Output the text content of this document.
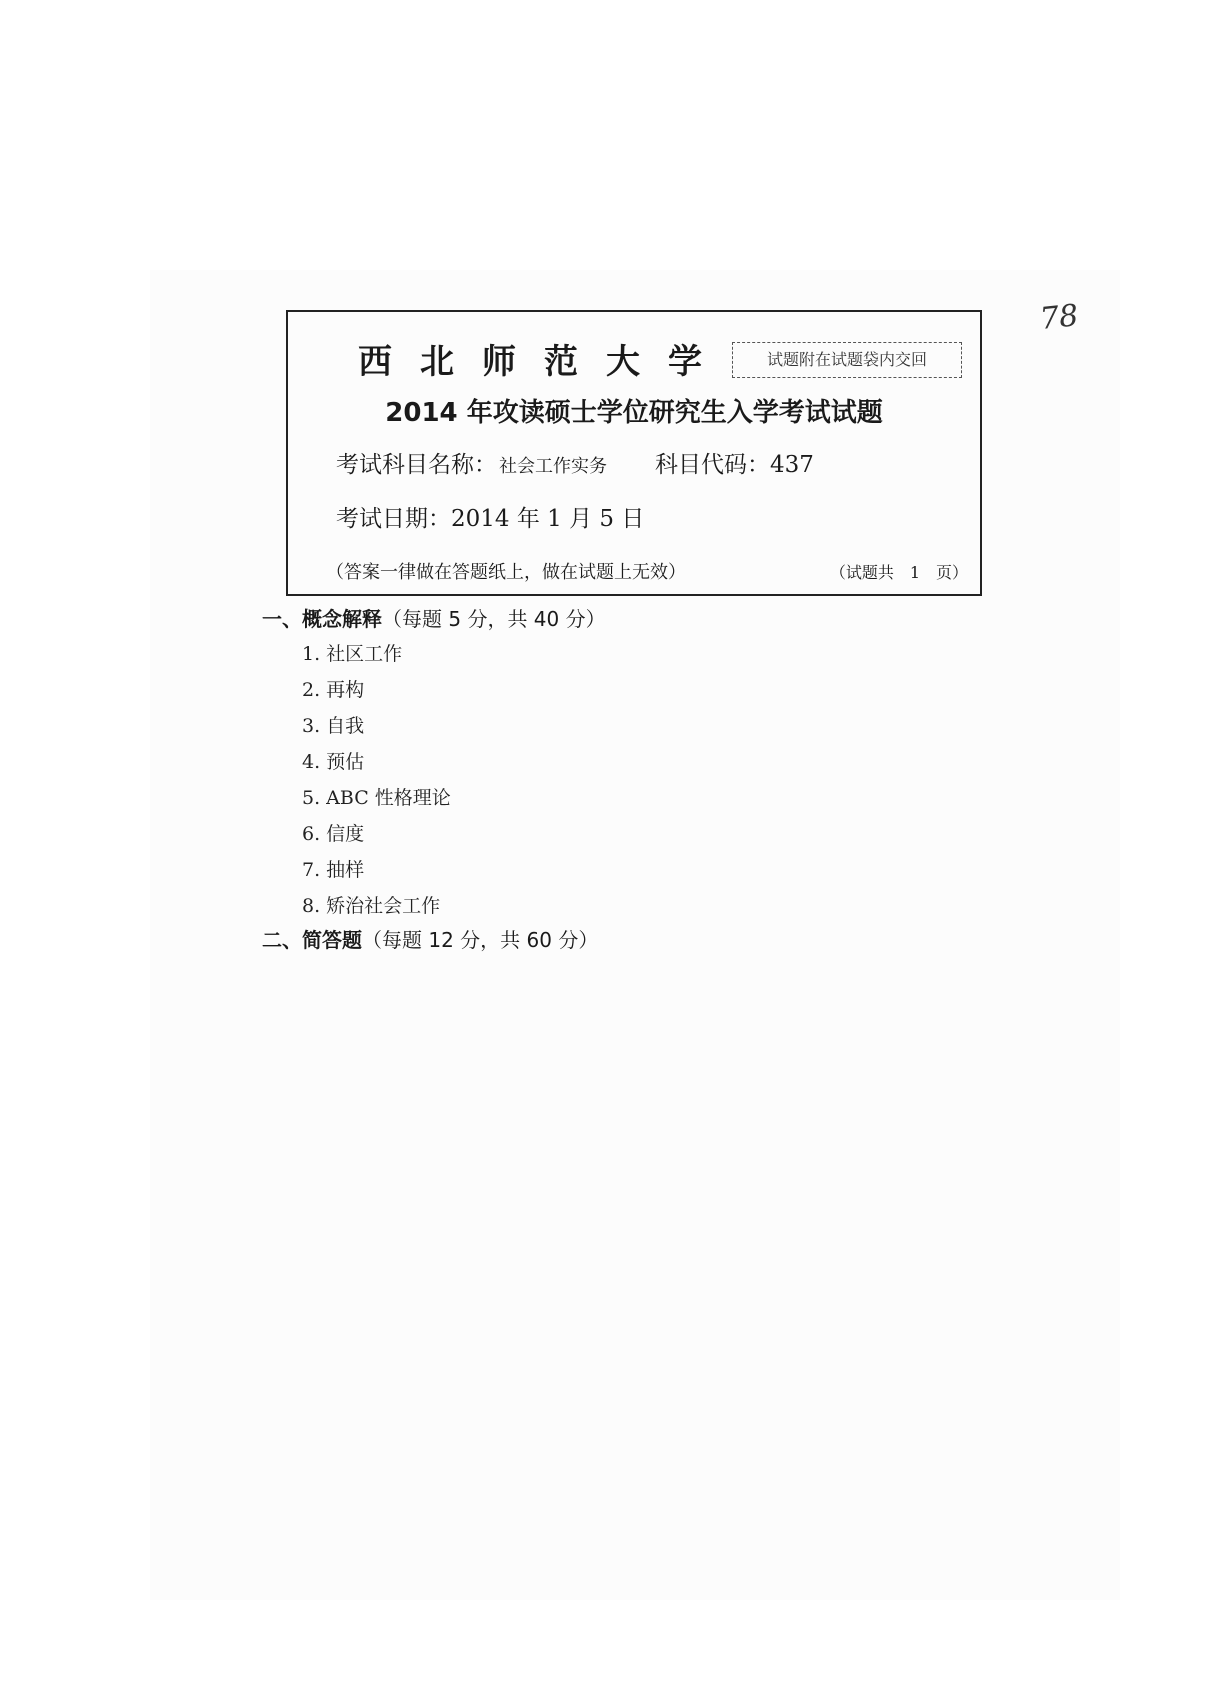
78
西北师范大学	试题附在试题袋内交回
2014 年攻读硕士学位研究生入学考试试题
考试科目名称： 社会工作实务 科目代码：437
考试日期：2014 年 1 月 5 日
（答案一律做在答题纸上，做在试题上无效）	（试题共　1　页）
一、概念解释（每题 5 分，共 40 分）
1. 社区工作
2. 再构
3. 自我
4. 预估
5. ABC 性格理论
6. 信度
7. 抽样
8. 矫治社会工作
二、简答题（每题 12 分，共 60 分）
